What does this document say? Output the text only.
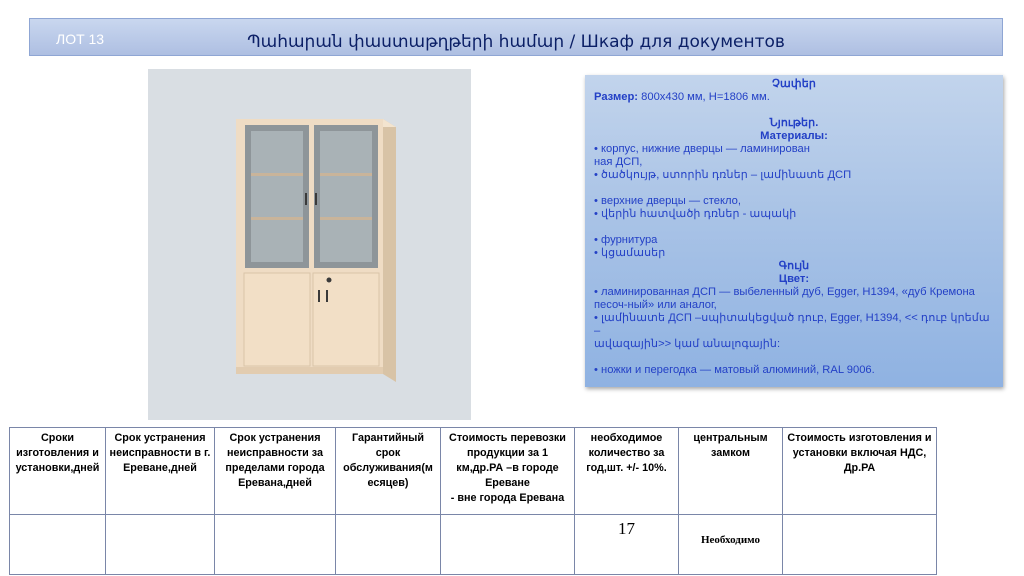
ЛОТ 13	Պահարան փաստաթղթերի համար / Шкаф для документов

Չափեր

Размер: 800x430 мм, H=1806 мм.

Նյութեր.

Материалы:

• корпус, нижние дверцы — ламинирован

ная ДСП,

• ծածկույթ, ստորին դռներ – լամինատե ДСП

• верхние дверцы — стекло,

• վերին հատվածի դռներ - ապակի

• фурнитура

• կցամասեր

Գույն

Цвет:

• ламинированная ДСП — выбеленный дуб, Egger, H1394, «дуб Кремона

песоч-ный» или аналог,

• լամինատե ДСП –սպիտակեցված դուբ, Egger, H1394, << դուբ կրեմա –

ավազային>> կամ անալոգային:

• ножки и перегодка — матовый алюминий, RAL 9006.

Сроки изготовления и установки,дней	Срок устранения неисправности в г. Ереване,дней	Срок устранения неисправности за пределами города Еревана,дней	Гарантийный срок обслуживания(м есяцев)	Стоимость перевозки продукции за 1 км,др.РА –в городе Ереване
- вне города Еревана	необходимое количество за год,шт. +/- 10%.	центральным замком	Стоимость изготовления и установки включая НДС, Др.РА

					17	Необходимо	
